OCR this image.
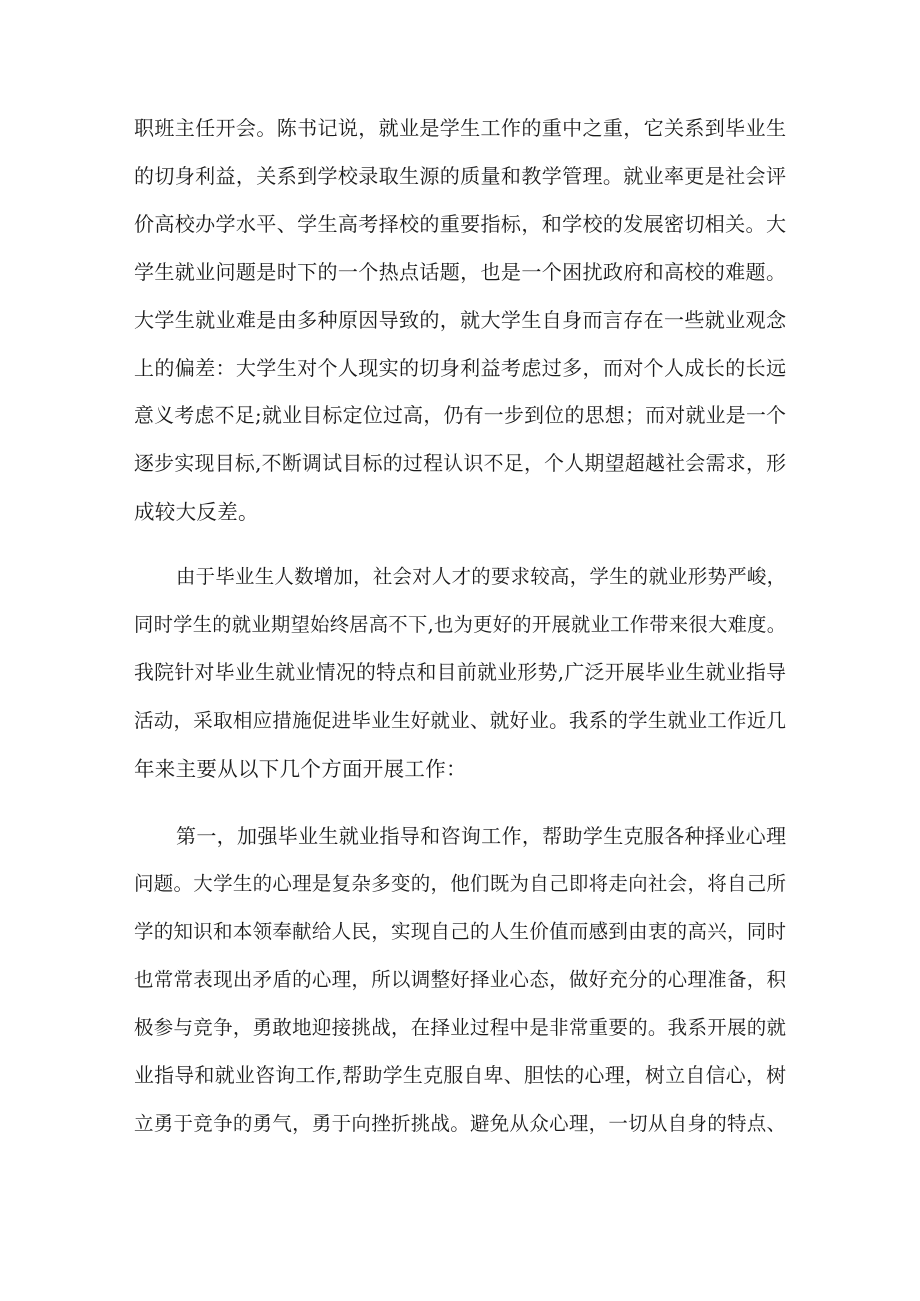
职班主任开会。陈书记说，就业是学生工作的重中之重，它关系到毕业生
的切身利益，关系到学校录取生源的质量和教学管理。就业率更是社会评
价高校办学水平、学生高考择校的重要指标，和学校的发展密切相关。大
学生就业问题是时下的一个热点话题，也是一个困扰政府和高校的难题。
大学生就业难是由多种原因导致的，就大学生自身而言存在一些就业观念
上的偏差：大学生对个人现实的切身利益考虑过多，而对个人成长的长远
意义考虑不足;就业目标定位过高，仍有一步到位的思想；而对就业是一个
逐步实现目标,不断调试目标的过程认识不足，个人期望超越社会需求，形
成较大反差。
由于毕业生人数增加，社会对人才的要求较高，学生的就业形势严峻，
同时学生的就业期望始终居高不下,也为更好的开展就业工作带来很大难度。
我院针对毕业生就业情况的特点和目前就业形势,广泛开展毕业生就业指导
活动，采取相应措施促进毕业生好就业、就好业。我系的学生就业工作近几
年来主要从以下几个方面开展工作：
第一，加强毕业生就业指导和咨询工作，帮助学生克服各种择业心理
问题。大学生的心理是复杂多变的，他们既为自己即将走向社会，将自己所
学的知识和本领奉献给人民，实现自己的人生价值而感到由衷的高兴，同时
也常常表现出矛盾的心理，所以调整好择业心态，做好充分的心理准备，积
极参与竞争，勇敢地迎接挑战，在择业过程中是非常重要的。我系开展的就
业指导和就业咨询工作,帮助学生克服自卑、胆怯的心理，树立自信心，树
立勇于竞争的勇气，勇于向挫折挑战。避免从众心理，一切从自身的特点、
